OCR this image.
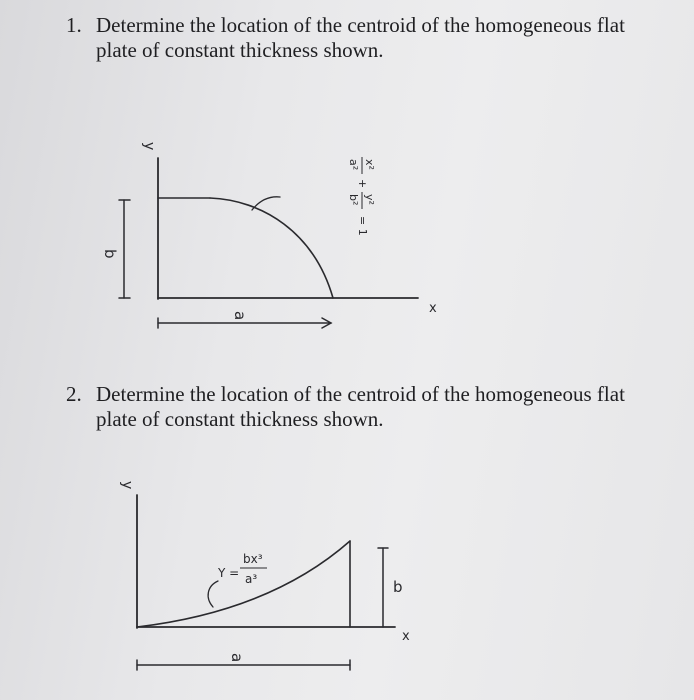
1. Determine the location of the centroid of the homogeneous flat
plate of constant thickness shown.
2. Determine the location of the centroid of the homogeneous flat
plate of constant thickness shown.
y
x
b
a
x²
a²
+
y²
b²
= 1
y
x
b
a
Y =
bx³
a³
